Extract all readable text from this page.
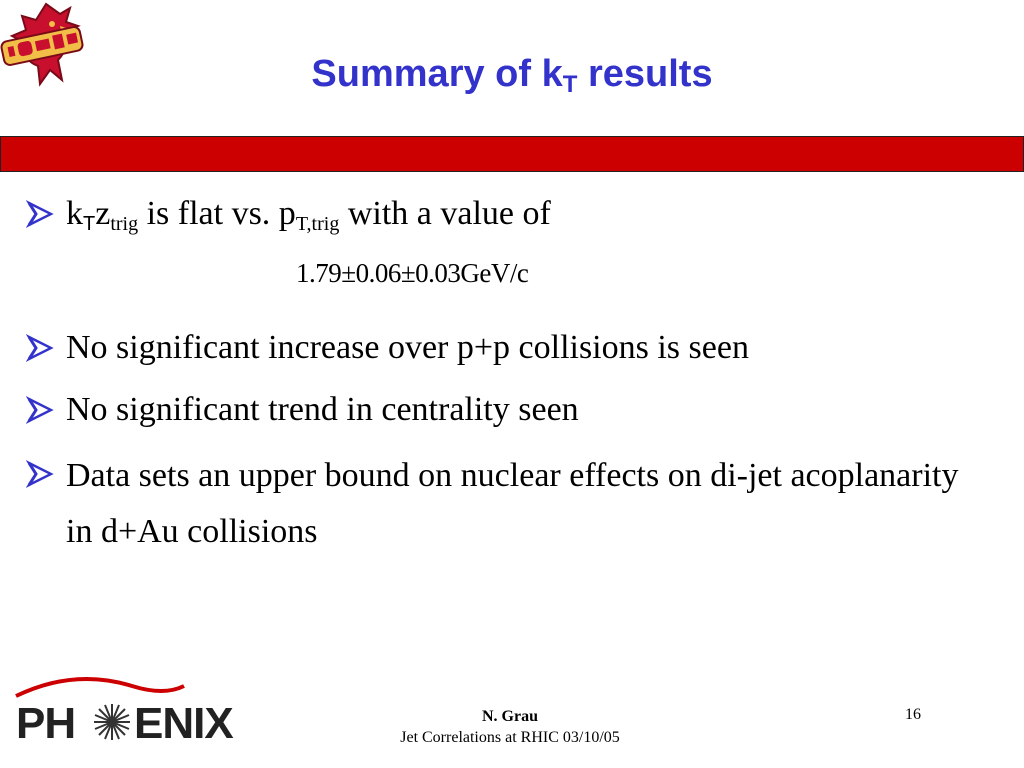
Summary of $k_T$ results
$k_Tz_{trig}$ is flat vs. $p_{T,trig}$ with a value of
1.79±0.06±0.03GeV/c
No significant increase over p+p collisions is seen
No significant trend in centrality seen
Data sets an upper bound on nuclear effects on di-jet acoplanarity in d+Au collisions
PH ENIX	N. Grau
Jet Correlations at RHIC 03/10/05
16
